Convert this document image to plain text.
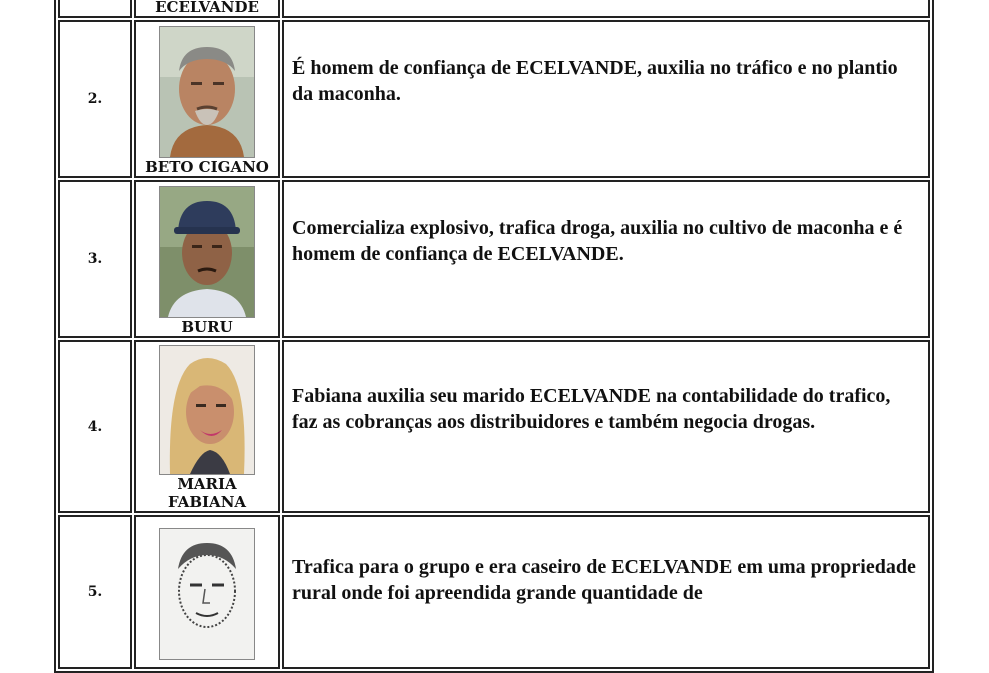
	ECELVANDE	

2.	BETO CIGANO	É homem de confiança de ECELVANDE, auxilia no tráfico e no plantio da maconha.

3.	BURU	Comercializa explosivo, trafica droga, auxilia no cultivo de maconha e é homem de confiança de ECELVANDE.

4.	MARIA FABIANA	Fabiana auxilia seu marido ECELVANDE na contabilidade do trafico, faz as cobranças aos distribuidores e também negocia drogas.

5.		Trafica para o grupo e era caseiro de ECELVANDE em uma propriedade rural onde foi apreendida grande quantidade de
